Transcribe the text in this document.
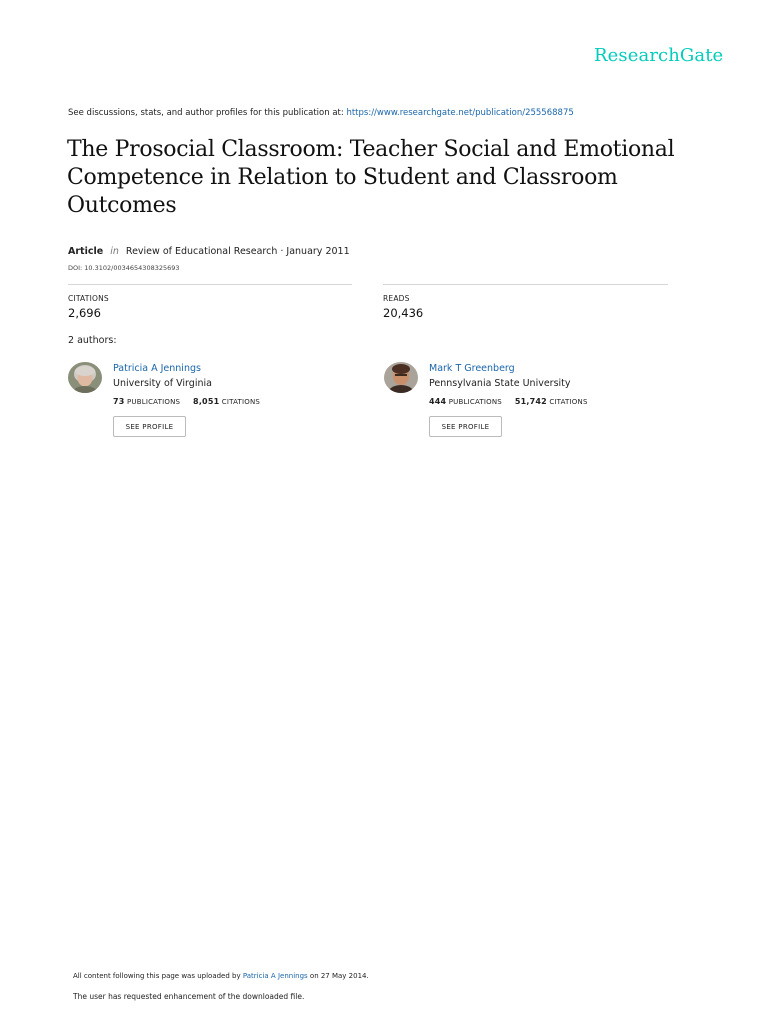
ResearchGate
See discussions, stats, and author profiles for this publication at: https://www.researchgate.net/publication/255568875
The Prosocial Classroom: Teacher Social and Emotional Competence in Relation to Student and Classroom Outcomes
Article in Review of Educational Research · January 2011
DOI: 10.3102/0034654308325693
CITATIONS
2,696
READS
20,436
2 authors:
Patricia A Jennings
University of Virginia
73 PUBLICATIONS 8,051 CITATIONS
SEE PROFILE
Mark T Greenberg
Pennsylvania State University
444 PUBLICATIONS 51,742 CITATIONS
SEE PROFILE
All content following this page was uploaded by Patricia A Jennings on 27 May 2014.
The user has requested enhancement of the downloaded file.
